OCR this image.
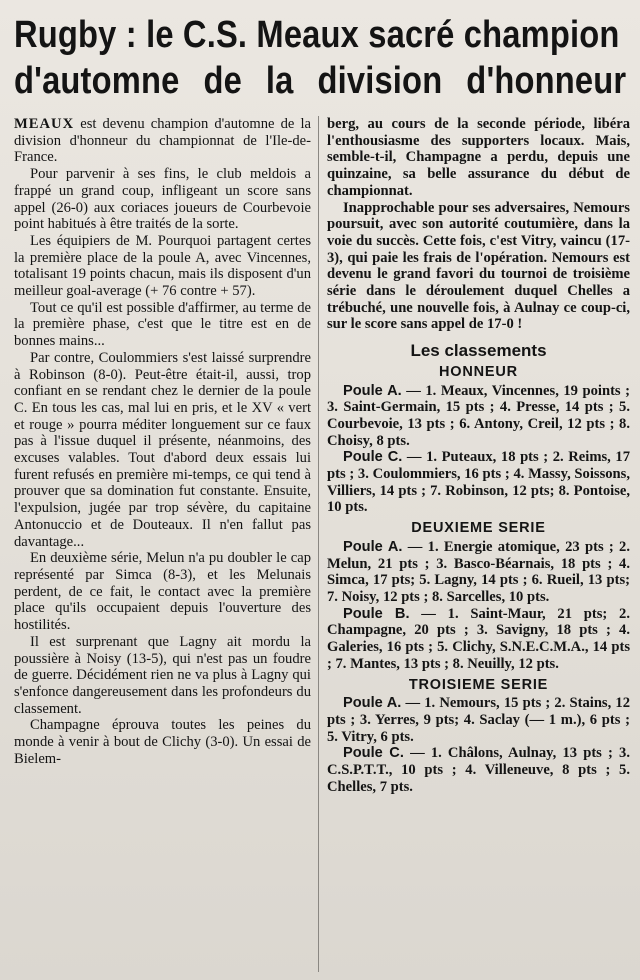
Rugby : le C.S. Meaux sacré champion
d'automne de la division d'honneur

MEAUX est devenu champion d'automne de la division d'honneur du championnat de l'Ile-de-France.

Pour parvenir à ses fins, le club meldois a frappé un grand coup, infligeant un score sans appel (26-0) aux coriaces joueurs de Courbevoie point habitués à être traités de la sorte.

Les équipiers de M. Pourquoi partagent certes la première place de la poule A, avec Vincennes, totalisant 19 points chacun, mais ils disposent d'un meilleur goal-average (+ 76 contre + 57).

Tout ce qu'il est possible d'affirmer, au terme de la première phase, c'est que le titre est en de bonnes mains...

Par contre, Coulommiers s'est laissé surprendre à Robinson (8-0). Peut-être était-il, aussi, trop confiant en se rendant chez le dernier de la poule C. En tous les cas, mal lui en pris, et le XV « vert et rouge » pourra méditer longuement sur ce faux pas à l'issue duquel il présente, néanmoins, des excuses valables. Tout d'abord deux essais lui furent refusés en première mi-temps, ce qui tend à prouver que sa domination fut constante. Ensuite, l'expulsion, jugée par trop sévère, du capitaine Antonuccio et de Douteaux. Il n'en fallut pas davantage...

En deuxième série, Melun n'a pu doubler le cap représenté par Simca (8-3), et les Melunais perdent, de ce fait, le contact avec la première place qu'ils occupaient depuis l'ouverture des hostilités.

Il est surprenant que Lagny ait mordu la poussière à Noisy (13-5), qui n'est pas un foudre de guerre. Décidément rien ne va plus à Lagny qui s'enfonce dangereusement dans les profondeurs du classement.

Champagne éprouva toutes les peines du monde à venir à bout de Clichy (3-0). Un essai de Bielem-

berg, au cours de la seconde période, libéra l'enthousiasme des supporters locaux. Mais, semble-t-il, Champagne a perdu, depuis une quinzaine, sa belle assurance du début de championnat.

Inapprochable pour ses adversaires, Nemours poursuit, avec son autorité coutumière, dans la voie du succès. Cette fois, c'est Vitry, vaincu (17-3), qui paie les frais de l'opération. Nemours est devenu le grand favori du tournoi de troisième série dans le déroulement duquel Chelles a trébuché, une nouvelle fois, à Aulnay ce coup-ci, sur le score sans appel de 17-0 !

Les classements
HONNEUR

Poule A. — 1. Meaux, Vincennes, 19 points ; 3. Saint-Germain, 15 pts ; 4. Presse, 14 pts ; 5. Courbevoie, 13 pts ; 6. Antony, Creil, 12 pts ; 8. Choisy, 8 pts.

Poule C. — 1. Puteaux, 18 pts ; 2. Reims, 17 pts ; 3. Coulommiers, 16 pts ; 4. Massy, Soissons, Villiers, 14 pts ; 7. Robinson, 12 pts; 8. Pontoise, 10 pts.

DEUXIEME SERIE

Poule A. — 1. Energie atomique, 23 pts ; 2. Melun, 21 pts ; 3. Basco-Béarnais, 18 pts ; 4. Simca, 17 pts; 5. Lagny, 14 pts ; 6. Rueil, 13 pts; 7. Noisy, 12 pts ; 8. Sarcelles, 10 pts.

Poule B. — 1. Saint-Maur, 21 pts; 2. Champagne, 20 pts ; 3. Savigny, 18 pts ; 4. Galeries, 16 pts ; 5. Clichy, S.N.E.C.M.A., 14 pts ; 7. Mantes, 13 pts ; 8. Neuilly, 12 pts.

TROISIEME SERIE

Poule A. — 1. Nemours, 15 pts ; 2. Stains, 12 pts ; 3. Yerres, 9 pts; 4. Saclay (— 1 m.), 6 pts ; 5. Vitry, 6 pts.

Poule C. — 1. Châlons, Aulnay, 13 pts ; 3. C.S.P.T.T., 10 pts ; 4. Villeneuve, 8 pts ; 5. Chelles, 7 pts.
